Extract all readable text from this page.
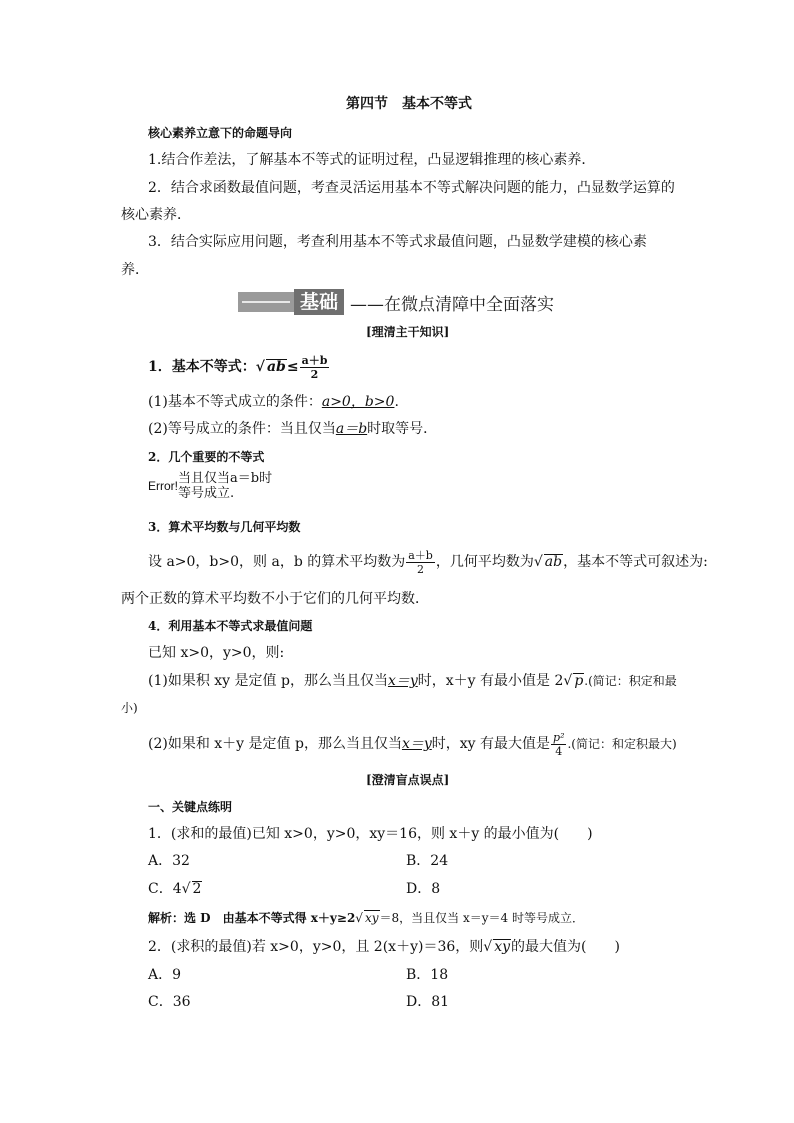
第四节　基本不等式
核心素养立意下的命题导向
1.结合作差法，了解基本不等式的证明过程，凸显逻辑推理的核心素养．
2．结合求函数最值问题，考查灵活运用基本不等式解决问题的能力，凸显数学运算的
核心素养．
3．结合实际应用问题，考查利用基本不等式求最值问题，凸显数学建模的核心素
养．
基础 ——在微点清障中全面落实
[理清主干知识]
1．基本不等式：√ $ab\le \frac{a+b}{2}$
(1)基本不等式成立的条件：a>0，b>0.
(2)等号成立的条件：当且仅当a＝b时取等号．
2．几个重要的不等式
Error! 当且仅当a＝b时
等号成立.
3．算术平均数与几何平均数
设 a>0，b>0，则 a，b 的算术平均数为 $\frac{a+b}{2}$ ，几何平均数为√ ab，基本不等式可叙述为:
两个正数的算术平均数不小于它们的几何平均数．
4．利用基本不等式求最值问题
已知 x>0，y>0，则:
(1)如果积 xy 是定值 p，那么当且仅当x＝y时，x＋y 有最小值是 2√ p.(简记：积定和最
小)
(2)如果和 x＋y 是定值 p，那么当且仅当x＝y时，xy 有最大值是 $\frac{\text{p²}}{4}$ .(简记：和定积最大)
[澄清盲点误点]
一、关键点练明
1．(求和的最值)已知 x>0，y>0，xy＝16，则 x＋y 的最小值为(　　)
A．32	B．24
C．4√ 2	D．8
解析：选 D　由基本不等式得 x＋y≥2√ xy＝8，当且仅当 x＝y＝4 时等号成立．
2．(求积的最值)若 x>0，y>0，且 2(x＋y)＝36，则√ xy的最大值为(　　)
A．9	B．18
C．36	D．81
